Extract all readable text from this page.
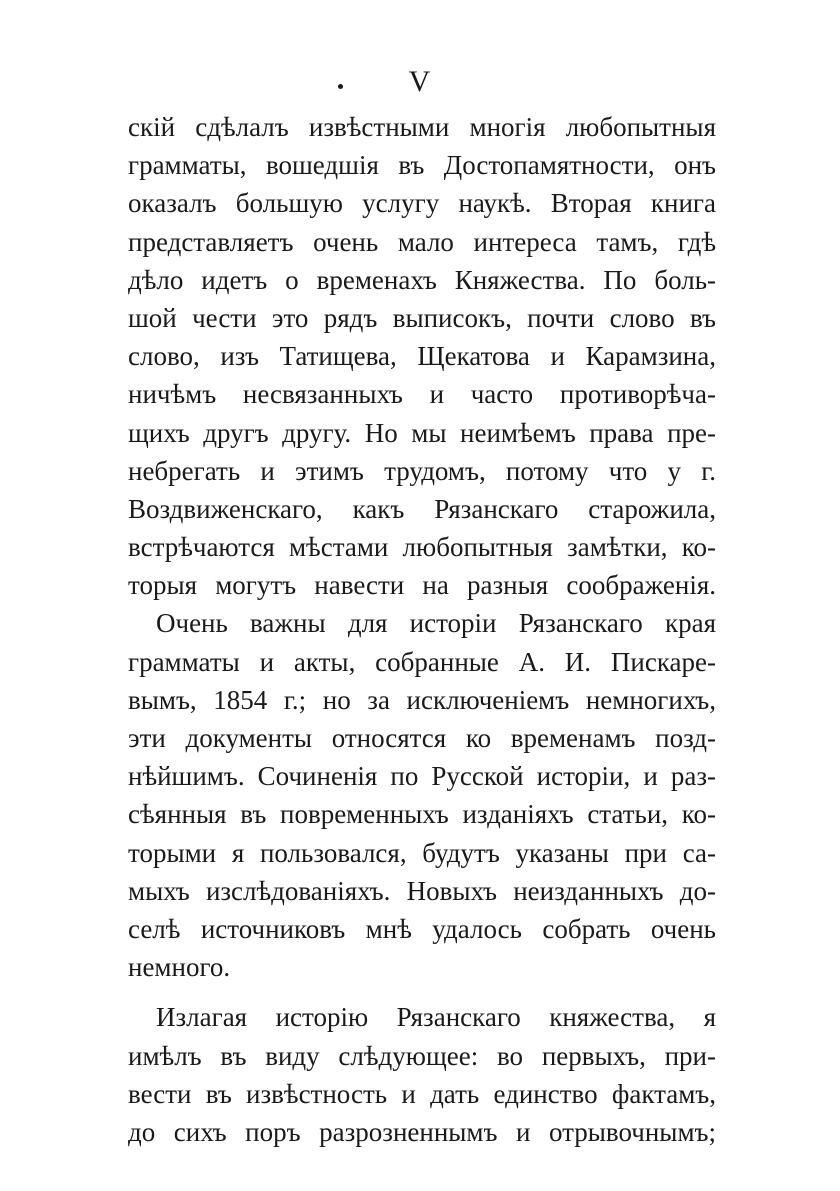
V
скій сдѣлалъ извѣстными многія любопытныя
грамматы, вошедшія въ Достопамятности, онъ
оказалъ большую услугу наукѣ. Вторая книга
представляетъ очень мало интереса тамъ, гдѣ
дѣло идетъ о временахъ Княжества. По боль-
шой чести это рядъ выписокъ, почти слово въ
слово, изъ Татищева, Щекатова и Карамзина,
ничѣмъ несвязанныхъ и часто противорѣча-
щихъ другъ другу. Но мы неимѣемъ права пре-
небрегать и этимъ трудомъ, потому что у г.
Воздвиженскаго, какъ Рязанскаго старожила,
встрѣчаются мѣстами любопытныя замѣтки, ко-
торыя могутъ навести на разныя соображенія.
Очень важны для исторіи Рязанскаго края
грамматы и акты, собранные А. И. Пискаре-
вымъ, 1854 г.; но за исключеніемъ немногихъ,
эти документы относятся ко временамъ позд-
нѣйшимъ. Сочиненія по Русской исторіи, и раз-
сѣянныя въ повременныхъ изданіяхъ статьи, ко-
торыми я пользовался, будутъ указаны при са-
мыхъ изслѣдованіяхъ. Новыхъ неизданныхъ до-
селѣ источниковъ мнѣ удалось собрать очень
немного.
Излагая исторію Рязанскаго княжества, я
имѣлъ въ виду слѣдующее: во первыхъ, при-
вести въ извѣстность и дать единство фактамъ,
до сихъ поръ разрозненнымъ и отрывочнымъ;
